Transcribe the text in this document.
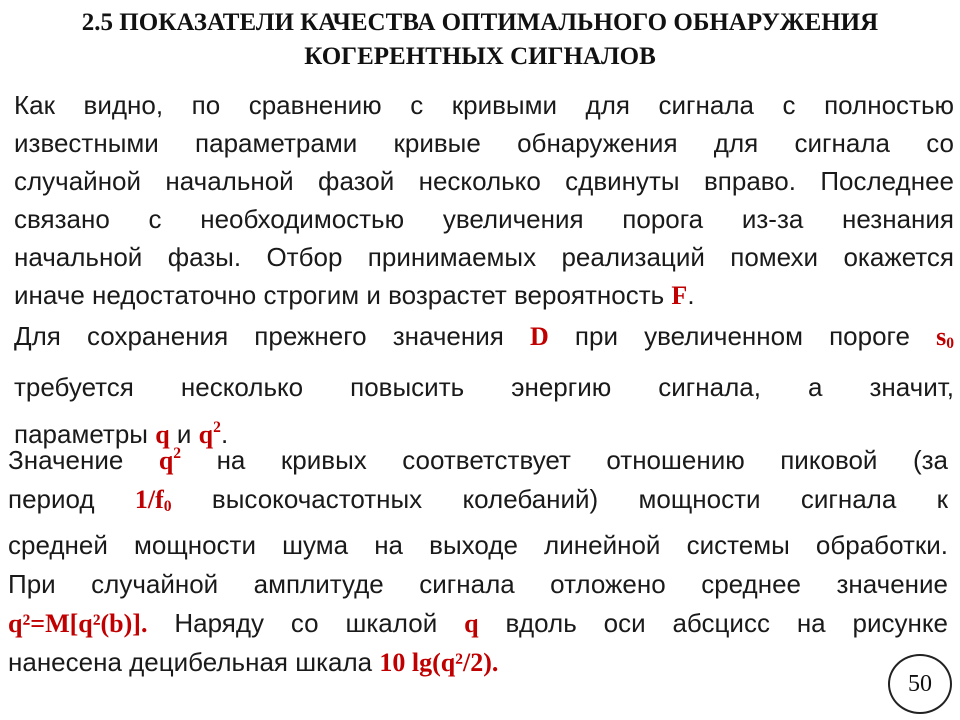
2.5 ПОКАЗАТЕЛИ КАЧЕСТВА ОПТИМАЛЬНОГО ОБНАРУЖЕНИЯ
КОГЕРЕНТНЫХ СИГНАЛОВ
Как видно, по сравнению с кривыми для сигнала с полностью
известными параметрами кривые обнаружения для сигнала со
случайной начальной фазой несколько сдвинуты вправо. Последнее
связано с необходимостью увеличения порога из-за незнания
начальной фазы. Отбор принимаемых реализаций помехи окажется
иначе недостаточно строгим и возрастет вероятность F.
Для сохранения прежнего значения D при увеличенном пороге $s_0$
требуется несколько повысить энергию сигнала, а значит,
параметры q и $q^2$.
Значение $q^2$ на кривых соответствует отношению пиковой (за
период $1/f_0$ высокочастотных колебаний) мощности сигнала к
средней мощности шума на выходе линейной системы обработки.
При случайной амплитуде сигнала отложено среднее значение
q²=M[q²(b)]. Наряду со шкалой q вдоль оси абсцисс на рисунке
нанесена децибельная шкала 10 lg(q²/2).
50
